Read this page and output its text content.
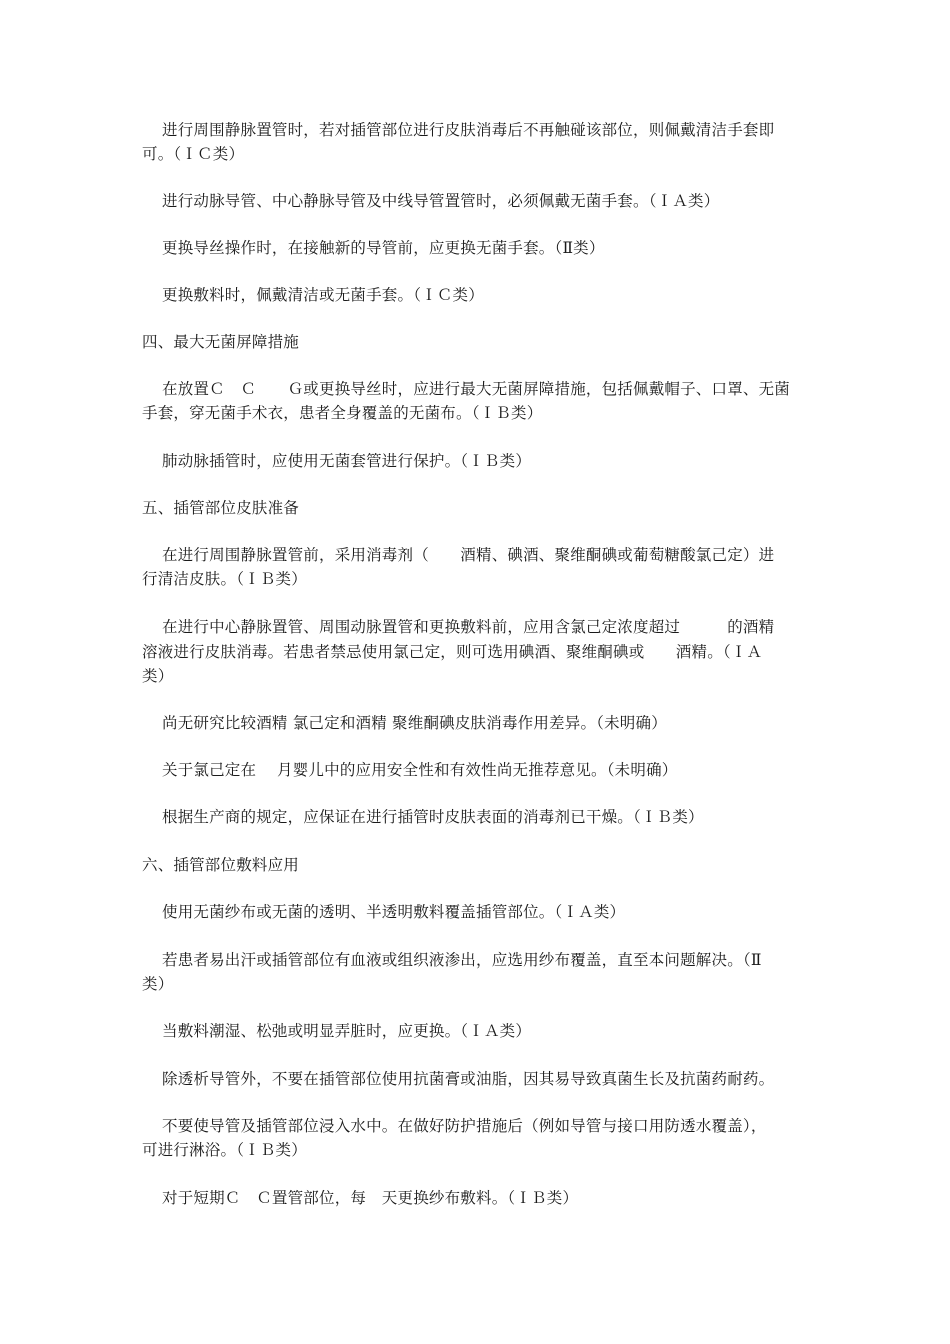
进行周围静脉置管时，若对插管部位进行皮肤消毒后不再触碰该部位，则佩戴清洁手套即
可。（ＩＣ类）
进行动脉导管、中心静脉导管及中线导管置管时，必须佩戴无菌手套。（ＩＡ类）
更换导丝操作时，在接触新的导管前，应更换无菌手套。（Ⅱ类）
更换敷料时，佩戴清洁或无菌手套。（ＩＣ类）
四、最大无菌屏障措施
在放置Ｃ　Ｃ　　Ｇ或更换导丝时，应进行最大无菌屏障措施，包括佩戴帽子、口罩、无菌
手套，穿无菌手术衣，患者全身覆盖的无菌布。（ＩＢ类）
肺动脉插管时，应使用无菌套管进行保护。（ＩＢ类）
五、插管部位皮肤准备
在进行周围静脉置管前，采用消毒剂（　　酒精、碘酒、聚维酮碘或葡萄糖酸氯己定）进
行清洁皮肤。（ＩＢ类）
在进行中心静脉置管、周围动脉置管和更换敷料前，应用含氯己定浓度超过　　　的酒精
溶液进行皮肤消毒。若患者禁忌使用氯己定，则可选用碘酒、聚维酮碘或　　酒精。（ＩＡ
类）
尚无研究比较酒精 氯己定和酒精 聚维酮碘皮肤消毒作用差异。（未明确）
关于氯己定在　 月婴儿中的应用安全性和有效性尚无推荐意见。（未明确）
根据生产商的规定，应保证在进行插管时皮肤表面的消毒剂已干燥。（ＩＢ类）
六、插管部位敷料应用
使用无菌纱布或无菌的透明、半透明敷料覆盖插管部位。（ＩＡ类）
若患者易出汗或插管部位有血液或组织液渗出，应选用纱布覆盖，直至本问题解决。（Ⅱ
类）
当敷料潮湿、松弛或明显弄脏时，应更换。（ＩＡ类）
除透析导管外，不要在插管部位使用抗菌膏或油脂，因其易导致真菌生长及抗菌药耐药。
不要使导管及插管部位浸入水中。在做好防护措施后（例如导管与接口用防透水覆盖），
可进行淋浴。（ＩＢ类）
对于短期Ｃ　Ｃ置管部位，每　天更换纱布敷料。（ＩＢ类）
